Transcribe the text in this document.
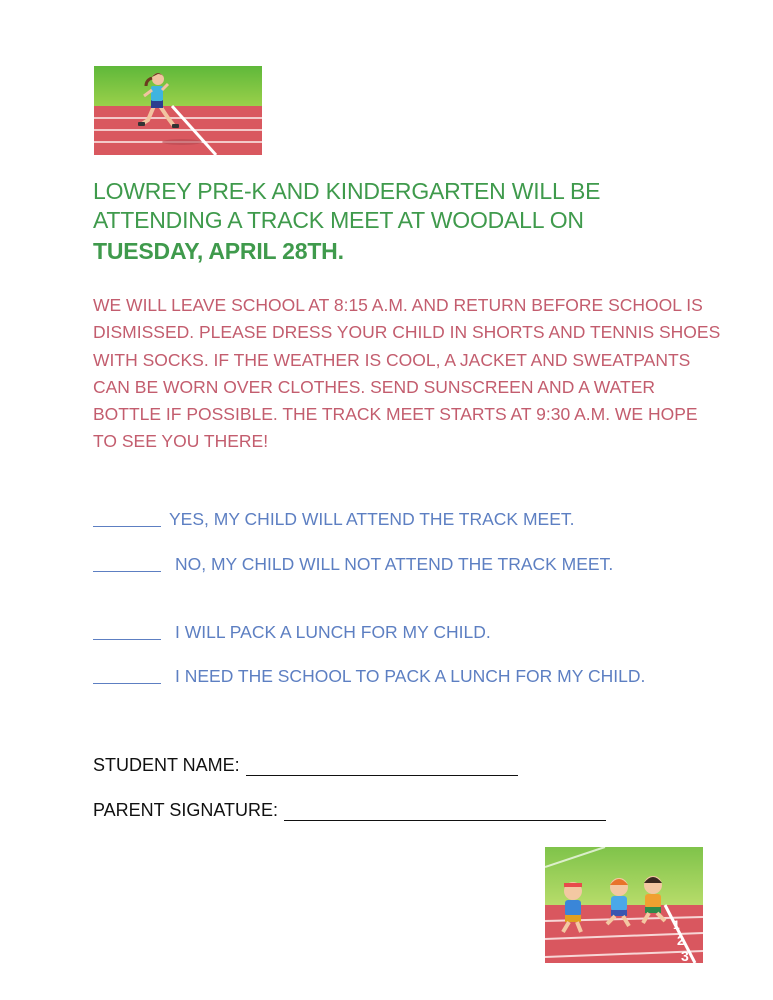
LOWREY PRE-K AND KINDERGARTEN WILL BE ATTENDING A TRACK MEET AT WOODALL ON
TUESDAY, APRIL 28TH.
WE WILL LEAVE SCHOOL AT 8:15 A.M. AND RETURN BEFORE SCHOOL IS DISMISSED. PLEASE DRESS YOUR CHILD IN SHORTS AND TENNIS SHOES WITH SOCKS. IF THE WEATHER IS COOL, A JACKET AND SWEATPANTS CAN BE WORN OVER CLOTHES. SEND SUNSCREEN AND A WATER BOTTLE IF POSSIBLE. THE TRACK MEET STARTS AT 9:30 A.M. WE HOPE TO SEE YOU THERE!
YES, MY CHILD WILL ATTEND THE TRACK MEET.
NO, MY CHILD WILL NOT ATTEND THE TRACK MEET.
I WILL PACK A LUNCH FOR MY CHILD.
I NEED THE SCHOOL TO PACK A LUNCH FOR MY CHILD.
STUDENT NAME:
PARENT SIGNATURE:
1
2
3
